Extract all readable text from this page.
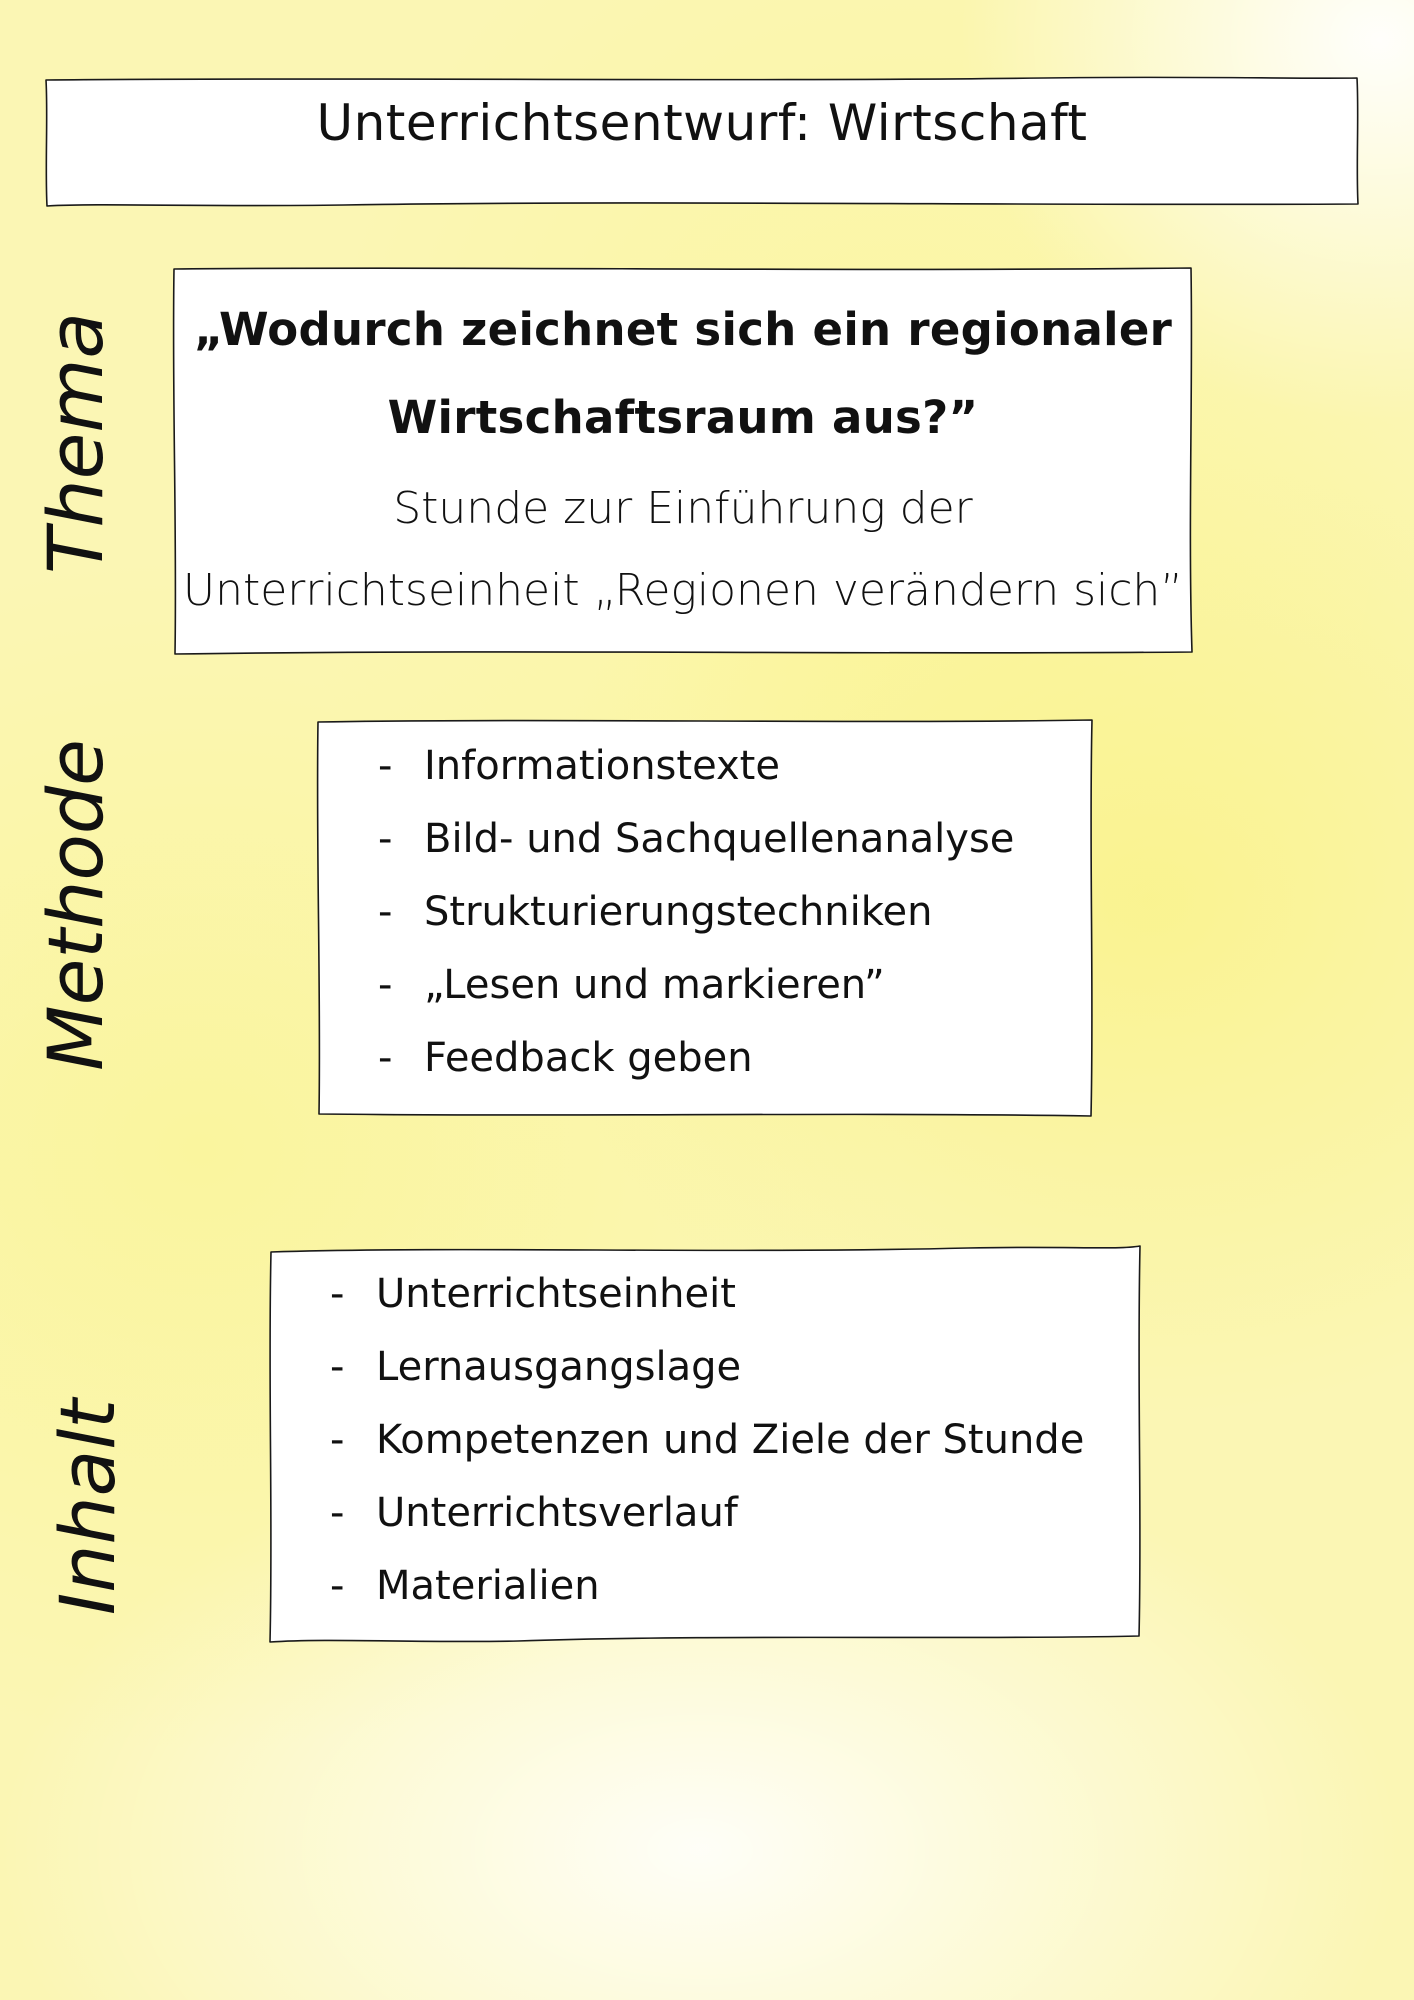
Unterrichtsentwurf: Wirtschaft
Thema	„Wodurch zeichnet sich ein regionaler
Wirtschaftsraum aus?”
Stunde zur Einführung der
Unterrichtseinheit „Regionen verändern sich”
Methode	- Informationstexte
- Bild- und Sachquellenanalyse
- Strukturierungstechniken
- „Lesen und markieren”
- Feedback geben
Inhalt
- Unterrichtseinheit
- Lernausgangslage
- Kompetenzen und Ziele der Stunde
- Unterrichtsverlauf
- Materialien
